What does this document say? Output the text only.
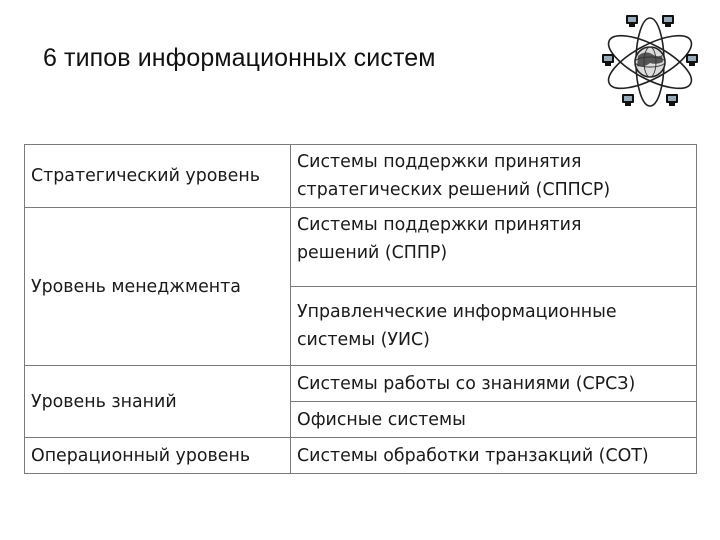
6 типов информационных систем
Стратегический уровень	Системы поддержки принятия
стратегических решений (СППСР)

Уровень менеджмента	Системы поддержки принятия
решений (СППР)

	Управленческие информационные
системы (УИС)

Уровень знаний	Системы работы со знаниями (СРСЗ)
	Офисные системы
Операционный уровень	Системы обработки транзакций (СОТ)
